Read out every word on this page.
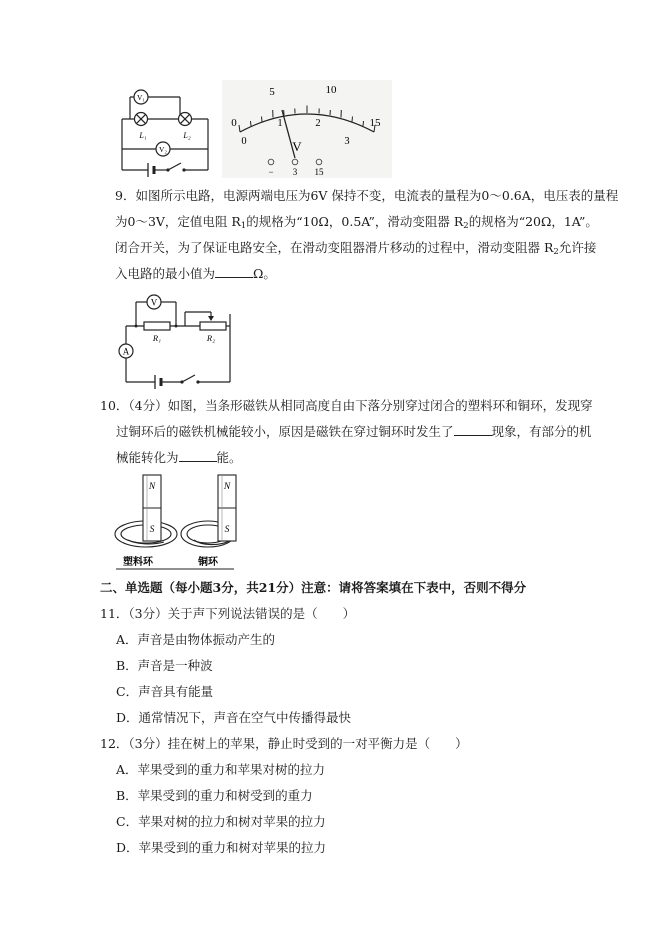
V₁
V₂
L₁	L₂
0
5	10
15
0
1	2
3
V
− 3 15
9．如图所示电路，电源两端电压为6V 保持不变，电流表的量程为0～0.6A，电压表的量程
为0～3V，定值电阻 $R_1$的规格为“10Ω，0.5A”，滑动变阻器 $R_2$的规格为“20Ω，1A”。
闭合开关，为了保证电路安全，在滑动变阻器滑片移动的过程中，滑动变阻器 $R_2$允许接
入电路的最小值为	Ω。
V
A
R₁	R₂
10．（4分）如图，当条形磁铁从相同高度自由下落分别穿过闭合的塑料环和铜环，发现穿
过铜环后的磁铁机械能较小，原因是磁铁在穿过铜环时发生了	现象，有部分的机
械能转化为	能。
N
S
N
S
塑料环	铜环
二、单选题（每小题3分，共21分）注意：请将答案填在下表中，否则不得分
11．（3分）关于声下列说法错误的是（　　）
A．声音是由物体振动产生的
B．声音是一种波
C．声音具有能量
D．通常情况下，声音在空气中传播得最快
12．（3分）挂在树上的苹果，静止时受到的一对平衡力是（　　）
A．苹果受到的重力和苹果对树的拉力
B．苹果受到的重力和树受到的重力
C．苹果对树的拉力和树对苹果的拉力
D．苹果受到的重力和树对苹果的拉力
